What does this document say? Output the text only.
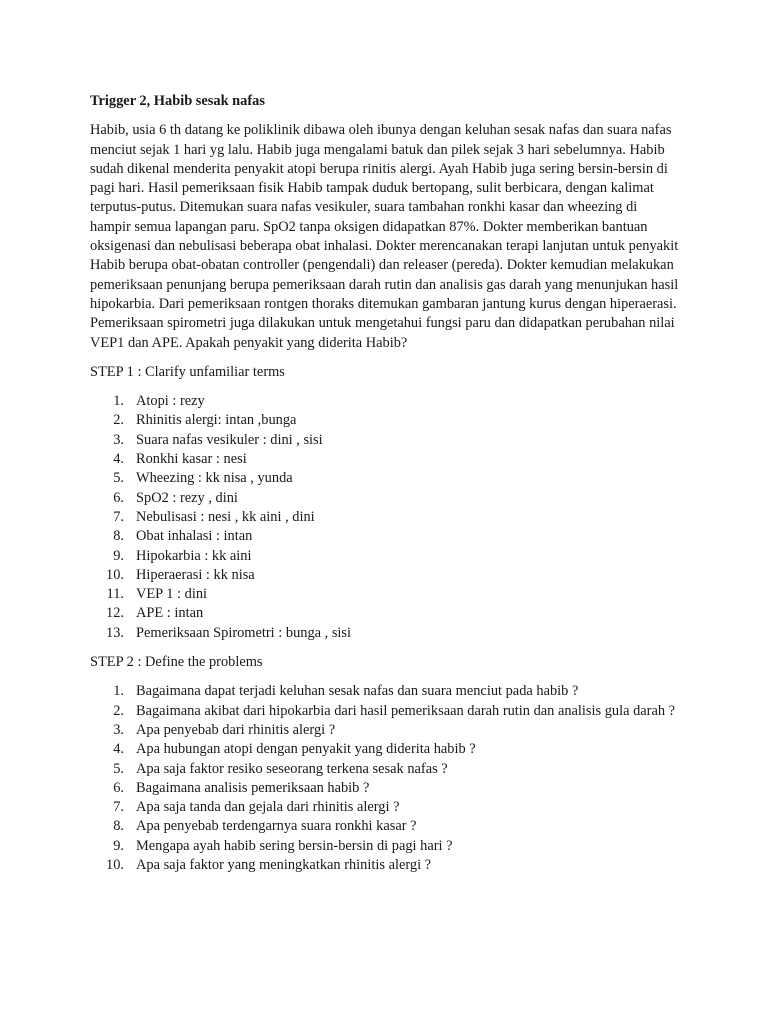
Trigger 2, Habib sesak nafas

Habib, usia 6 th datang ke poliklinik dibawa oleh ibunya dengan keluhan sesak nafas dan suara nafas menciut sejak 1 hari yg lalu. Habib juga mengalami batuk dan pilek sejak 3 hari sebelumnya. Habib sudah dikenal menderita penyakit atopi berupa rinitis alergi. Ayah Habib juga sering bersin-bersin di pagi hari. Hasil pemeriksaan fisik Habib tampak duduk bertopang, sulit berbicara, dengan kalimat terputus-putus. Ditemukan suara nafas vesikuler, suara tambahan ronkhi kasar dan wheezing di hampir semua lapangan paru. SpO2 tanpa oksigen didapatkan 87%. Dokter memberikan bantuan oksigenasi dan nebulisasi beberapa obat inhalasi. Dokter merencanakan terapi lanjutan untuk penyakit Habib berupa obat-obatan controller (pengendali) dan releaser (pereda). Dokter kemudian melakukan pemeriksaan penunjang berupa pemeriksaan darah rutin dan analisis gas darah yang menunjukan hasil hipokarbia. Dari pemeriksaan rontgen thoraks ditemukan gambaran jantung kurus dengan hiperaerasi. Pemeriksaan spirometri juga dilakukan untuk mengetahui fungsi paru dan didapatkan perubahan nilai VEP1 dan APE. Apakah penyakit yang diderita Habib?

STEP 1 : Clarify unfamiliar terms

1. Atopi : rezy
2. Rhinitis alergi: intan ,bunga
3. Suara nafas vesikuler : dini , sisi
4. Ronkhi kasar : nesi
5. Wheezing : kk nisa , yunda
6. SpO2 : rezy , dini
7. Nebulisasi : nesi , kk aini , dini
8. Obat inhalasi : intan
9. Hipokarbia : kk aini
10. Hiperaerasi : kk nisa
11. VEP 1 : dini
12. APE : intan
13. Pemeriksaan Spirometri : bunga , sisi

STEP 2 : Define the problems

1. Bagaimana dapat terjadi keluhan sesak nafas dan suara menciut pada habib ?
2. Bagaimana akibat dari hipokarbia dari hasil pemeriksaan darah rutin dan analisis gula darah ?
3. Apa penyebab dari rhinitis alergi ?
4. Apa hubungan atopi dengan penyakit yang diderita habib ?
5. Apa saja faktor resiko seseorang terkena sesak nafas ?
6. Bagaimana analisis pemeriksaan habib ?
7. Apa saja tanda dan gejala dari rhinitis alergi ?
8. Apa penyebab terdengarnya suara ronkhi kasar ?
9. Mengapa ayah habib sering bersin-bersin di pagi hari ?
10. Apa saja faktor yang meningkatkan rhinitis alergi ?
